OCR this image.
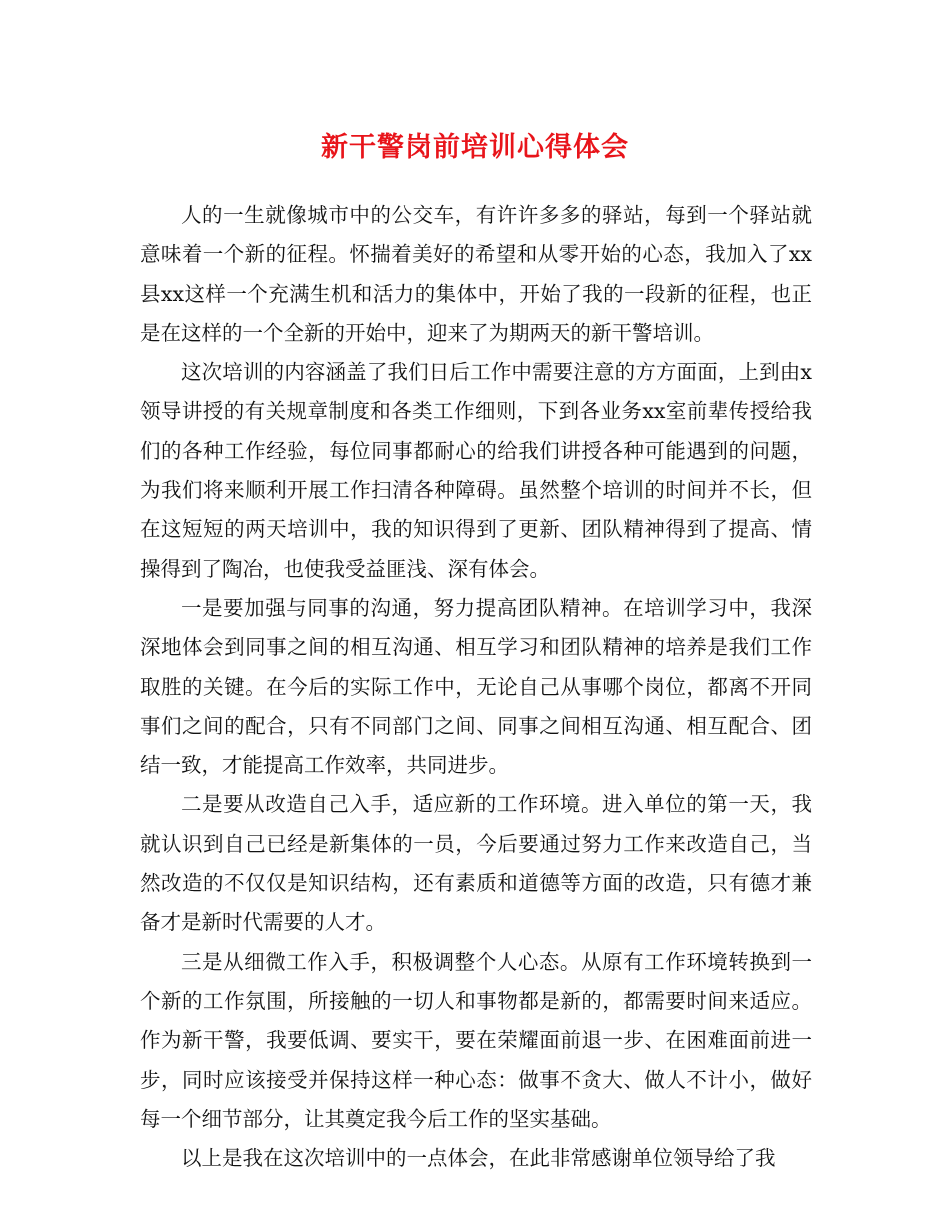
新干警岗前培训心得体会

人的一生就像城市中的公交车，有许许多多的驿站，每到一个驿站就意味着一个新的征程。怀揣着美好的希望和从零开始的心态，我加入了xx县xx这样一个充满生机和活力的集体中，开始了我的一段新的征程，也正是在这样的一个全新的开始中，迎来了为期两天的新干警培训。

这次培训的内容涵盖了我们日后工作中需要注意的方方面面，上到由x领导讲授的有关规章制度和各类工作细则，下到各业务xx室前辈传授给我们的各种工作经验，每位同事都耐心的给我们讲授各种可能遇到的问题，为我们将来顺利开展工作扫清各种障碍。虽然整个培训的时间并不长，但在这短短的两天培训中，我的知识得到了更新、团队精神得到了提高、情操得到了陶冶，也使我受益匪浅、深有体会。

一是要加强与同事的沟通，努力提高团队精神。在培训学习中，我深深地体会到同事之间的相互沟通、相互学习和团队精神的培养是我们工作取胜的关键。在今后的实际工作中，无论自己从事哪个岗位，都离不开同事们之间的配合，只有不同部门之间、同事之间相互沟通、相互配合、团结一致，才能提高工作效率，共同进步。

二是要从改造自己入手，适应新的工作环境。进入单位的第一天，我就认识到自己已经是新集体的一员，今后要通过努力工作来改造自己，当然改造的不仅仅是知识结构，还有素质和道德等方面的改造，只有德才兼备才是新时代需要的人才。

三是从细微工作入手，积极调整个人心态。从原有工作环境转换到一个新的工作氛围，所接触的一切人和事物都是新的，都需要时间来适应。作为新干警，我要低调、要实干，要在荣耀面前退一步、在困难面前进一步，同时应该接受并保持这样一种心态：做事不贪大、做人不计小，做好每一个细节部分，让其奠定我今后工作的坚实基础。

以上是我在这次培训中的一点体会，在此非常感谢单位领导给了我
